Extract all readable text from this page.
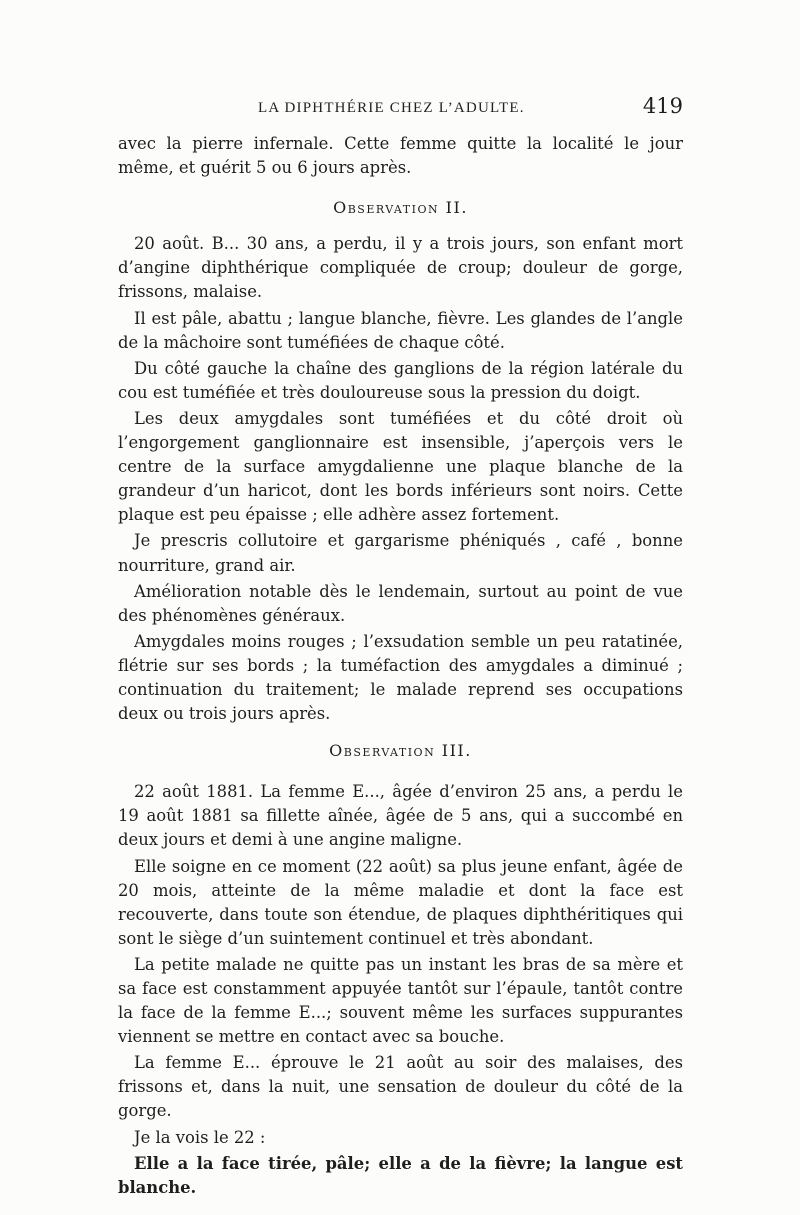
LA DIPHTHÉRIE CHEZ L’ADULTE.	419

avec la pierre infernale. Cette femme quitte la localité le jour même, et guérit 5 ou 6 jours après.

Observation II.

20 août. B... 30 ans, a perdu, il y a trois jours, son enfant mort d’angine diphthérique compliquée de croup; douleur de gorge, frissons, malaise.

Il est pâle, abattu ; langue blanche, fièvre. Les glandes de l’angle de la mâchoire sont tuméfiées de chaque côté.

Du côté gauche la chaîne des ganglions de la région latérale du cou est tuméfiée et très douloureuse sous la pression du doigt.

Les deux amygdales sont tuméfiées et du côté droit où l’engorgement ganglionnaire est insensible, j’aperçois vers le centre de la surface amygdalienne une plaque blanche de la grandeur d’un haricot, dont les bords inférieurs sont noirs. Cette plaque est peu épaisse ; elle adhère assez fortement.

Je prescris collutoire et gargarisme phéniqués , café , bonne nourriture, grand air.

Amélioration notable dès le lendemain, surtout au point de vue des phénomènes généraux.

Amygdales moins rouges ; l’exsudation semble un peu ratatinée, flétrie sur ses bords ; la tuméfaction des amygdales a diminué ; continuation du traitement; le malade reprend ses occupations deux ou trois jours après.

Observation III.

22 août 1881. La femme E..., âgée d’environ 25 ans, a perdu le 19 août 1881 sa fillette aînée, âgée de 5 ans, qui a succombé en deux jours et demi à une angine maligne.

Elle soigne en ce moment (22 août) sa plus jeune enfant, âgée de 20 mois, atteinte de la même maladie et dont la face est recouverte, dans toute son étendue, de plaques diphthéritiques qui sont le siège d’un suintement continuel et très abondant.

La petite malade ne quitte pas un instant les bras de sa mère et sa face est constamment appuyée tantôt sur l’épaule, tantôt contre la face de la femme E...; souvent même les surfaces suppurantes viennent se mettre en contact avec sa bouche.

La femme E... éprouve le 21 août au soir des malaises, des frissons et, dans la nuit, une sensation de douleur du côté de la gorge.

Je la vois le 22 :

Elle a la face tirée, pâle; elle a de la fièvre; la langue est blanche.
